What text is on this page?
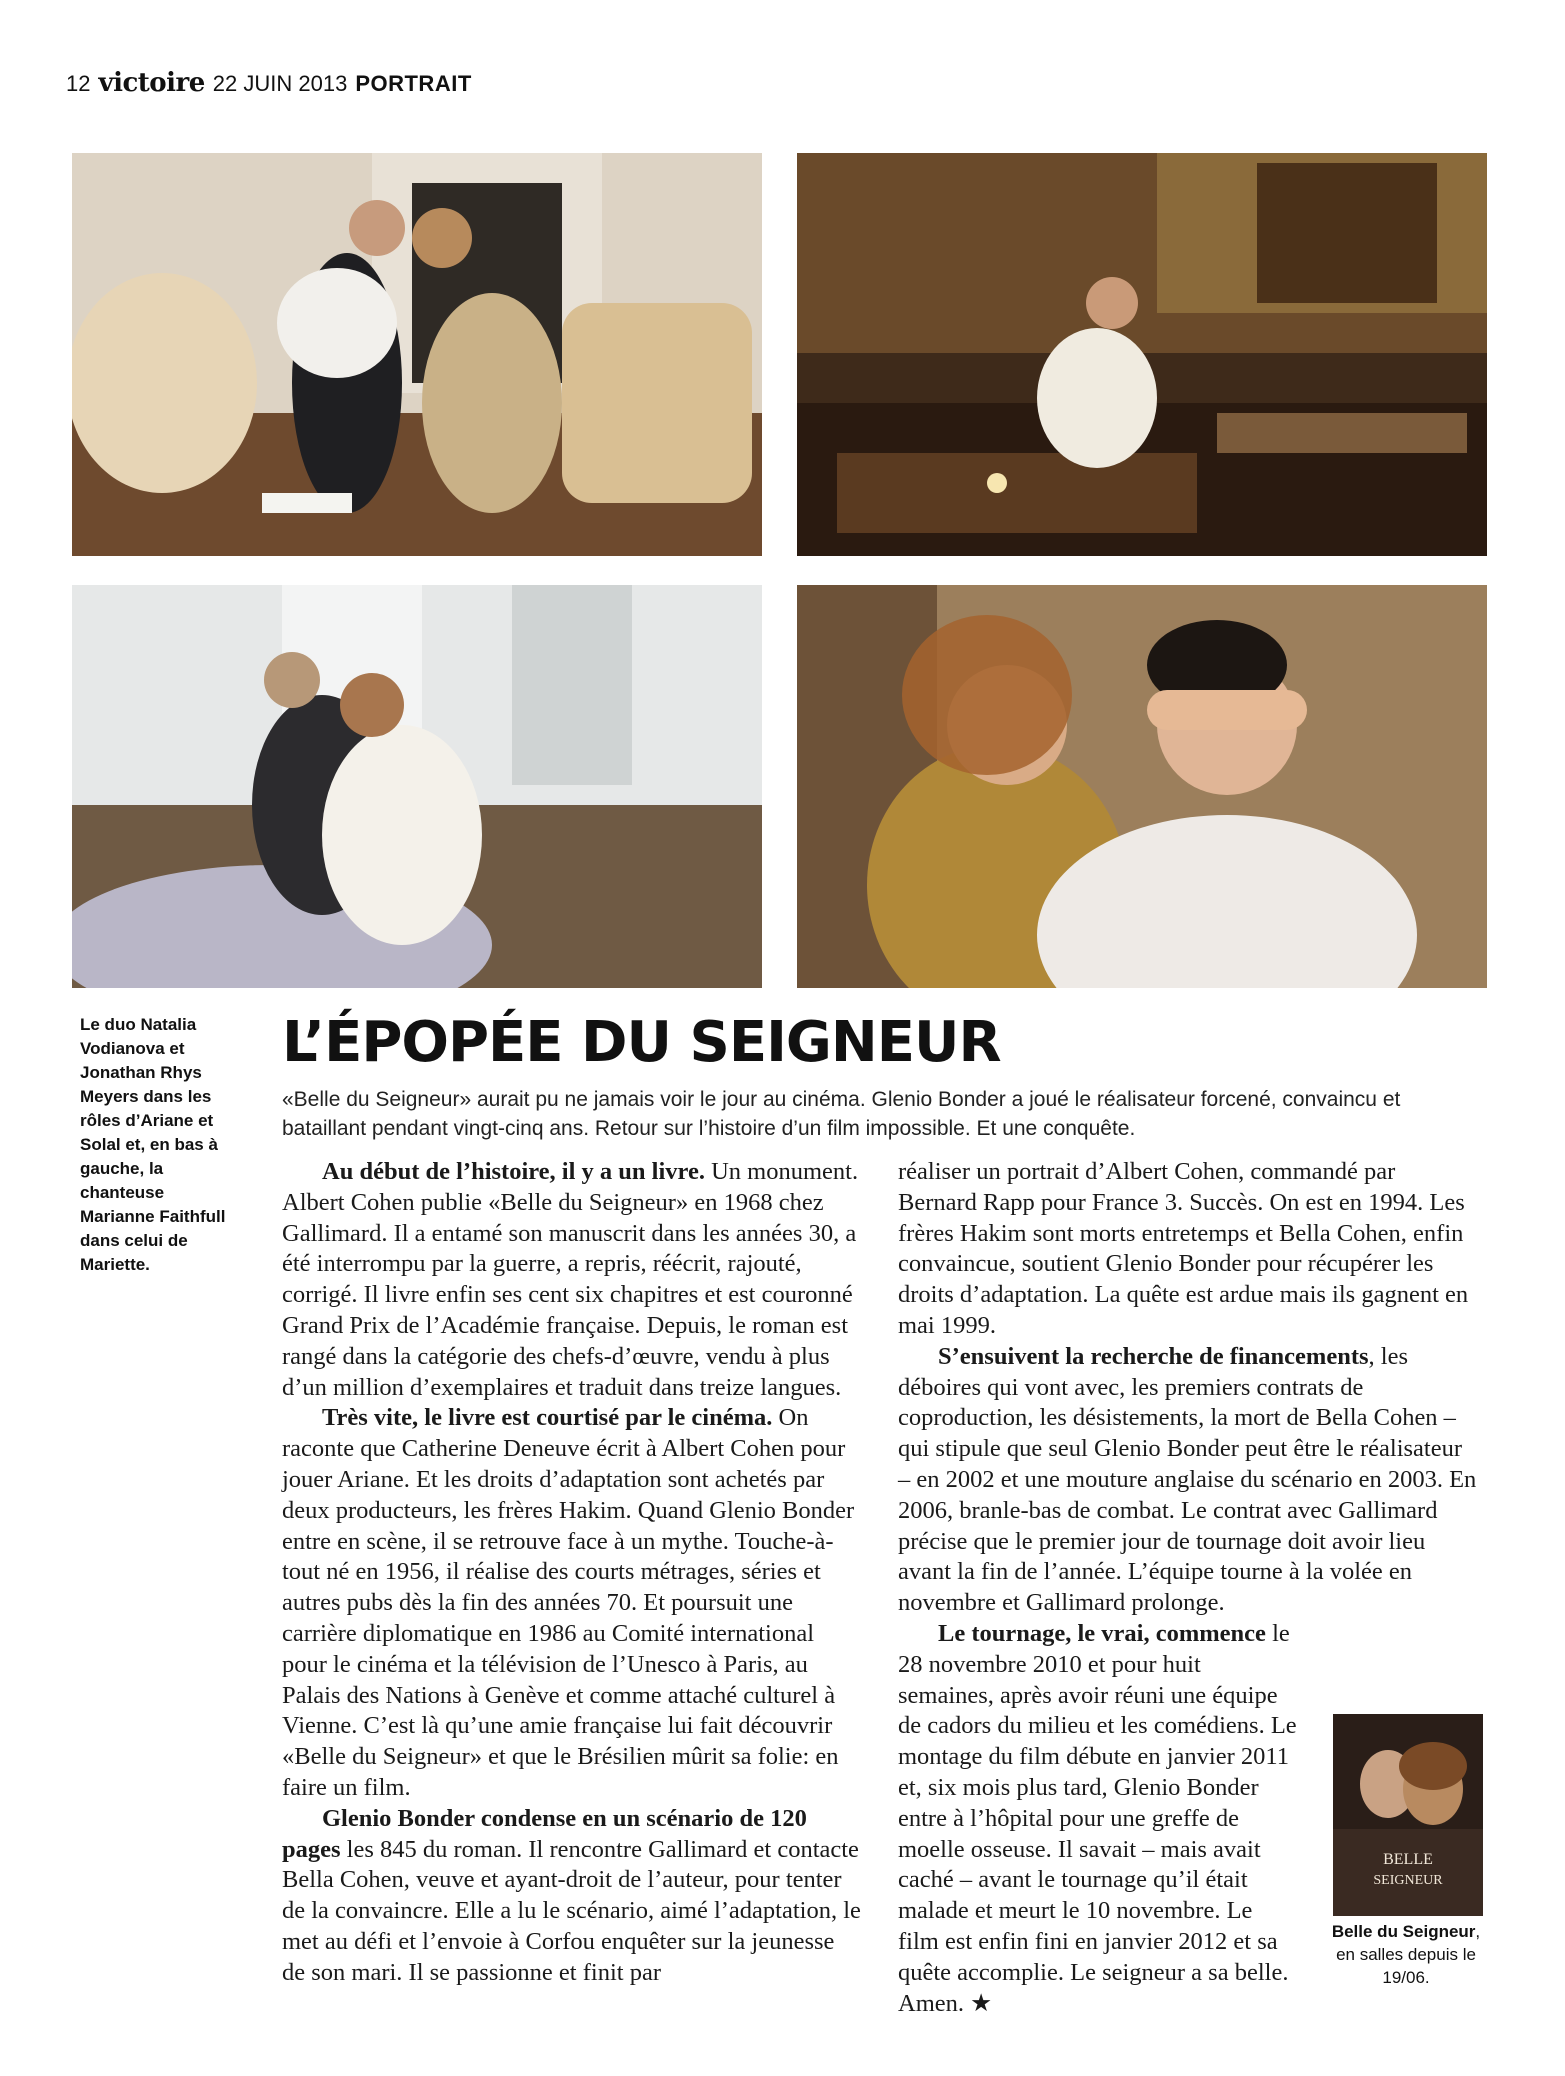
12 victoire 22 JUIN 2013 PORTRAIT
Le duo Natalia Vodianova et Jonathan Rhys Meyers dans les rôles d’Ariane et Solal et, en bas à gauche, la chanteuse Marianne Faithfull dans celui de Mariette.
L’ÉPOPÉE DU SEIGNEUR
«Belle du Seigneur» aurait pu ne jamais voir le jour au cinéma. Glenio Bonder a joué le réalisateur forcené, convaincu et bataillant pendant vingt-cinq ans. Retour sur l’histoire d’un film impossible. Et une conquête.

Au début de l’histoire, il y a un livre. Un monument. Albert Cohen publie «Belle du Seigneur» en 1968 chez Gallimard. Il a entamé son manuscrit dans les années 30, a été interrompu par la guerre, a repris, réécrit, rajouté, corrigé. Il livre enfin ses cent six chapitres et est couronné Grand Prix de l’Académie française. Depuis, le roman est rangé dans la catégorie des chefs-d’œuvre, vendu à plus d’un million d’exemplaires et traduit dans treize langues.

Très vite, le livre est courtisé par le cinéma. On raconte que Catherine Deneuve écrit à Albert Cohen pour jouer Ariane. Et les droits d’adaptation sont achetés par deux producteurs, les frères Hakim. Quand Glenio Bonder entre en scène, il se retrouve face à un mythe. Touche-à-tout né en 1956, il réalise des courts métrages, séries et autres pubs dès la fin des années 70. Et poursuit une carrière diplomatique en 1986 au Comité international pour le cinéma et la télévision de l’Unesco à Paris, au Palais des Nations à Genève et comme attaché culturel à Vienne. C’est là qu’une amie française lui fait découvrir «Belle du Seigneur» et que le Brésilien mûrit sa folie: en faire un film.

Glenio Bonder condense en un scénario de 120 pages les 845 du roman. Il rencontre Gallimard et contacte Bella Cohen, veuve et ayant-droit de l’auteur, pour tenter de la convaincre. Elle a lu le scénario, aimé l’adaptation, le met au défi et l’envoie à Corfou enquêter sur la jeunesse de son mari. Il se passionne et finit par

réaliser un portrait d’Albert Cohen, commandé par Bernard Rapp pour France 3. Succès. On est en 1994. Les frères Hakim sont morts entretemps et Bella Cohen, enfin convaincue, soutient Glenio Bonder pour récupérer les droits d’adaptation. La quête est ardue mais ils gagnent en mai 1999.

S’ensuivent la recherche de financements, les déboires qui vont avec, les premiers contrats de coproduction, les désistements, la mort de Bella Cohen – qui stipule que seul Glenio Bonder peut être le réalisateur – en 2002 et une mouture anglaise du scénario en 2003. En 2006, branle-bas de combat. Le contrat avec Gallimard précise que le premier jour de tournage doit avoir lieu avant la fin de l’année. L’équipe tourne à la volée en novembre et Gallimard prolonge.

Le tournage, le vrai, commence le 28 novembre 2010 et pour huit semaines, après avoir réuni une équipe de cadors du milieu et les comédiens. Le montage du film débute en janvier 2011 et, six mois plus tard, Glenio Bonder entre à l’hôpital pour une greffe de moelle osseuse. Il savait – mais avait caché – avant le tournage qu’il était malade et meurt le 10 novembre. Le film est enfin fini en janvier 2012 et sa quête accomplie. Le seigneur a sa belle. Amen. ★

BELLE
SEIGNEUR
Belle du Seigneur, en salles depuis le 19/06.
